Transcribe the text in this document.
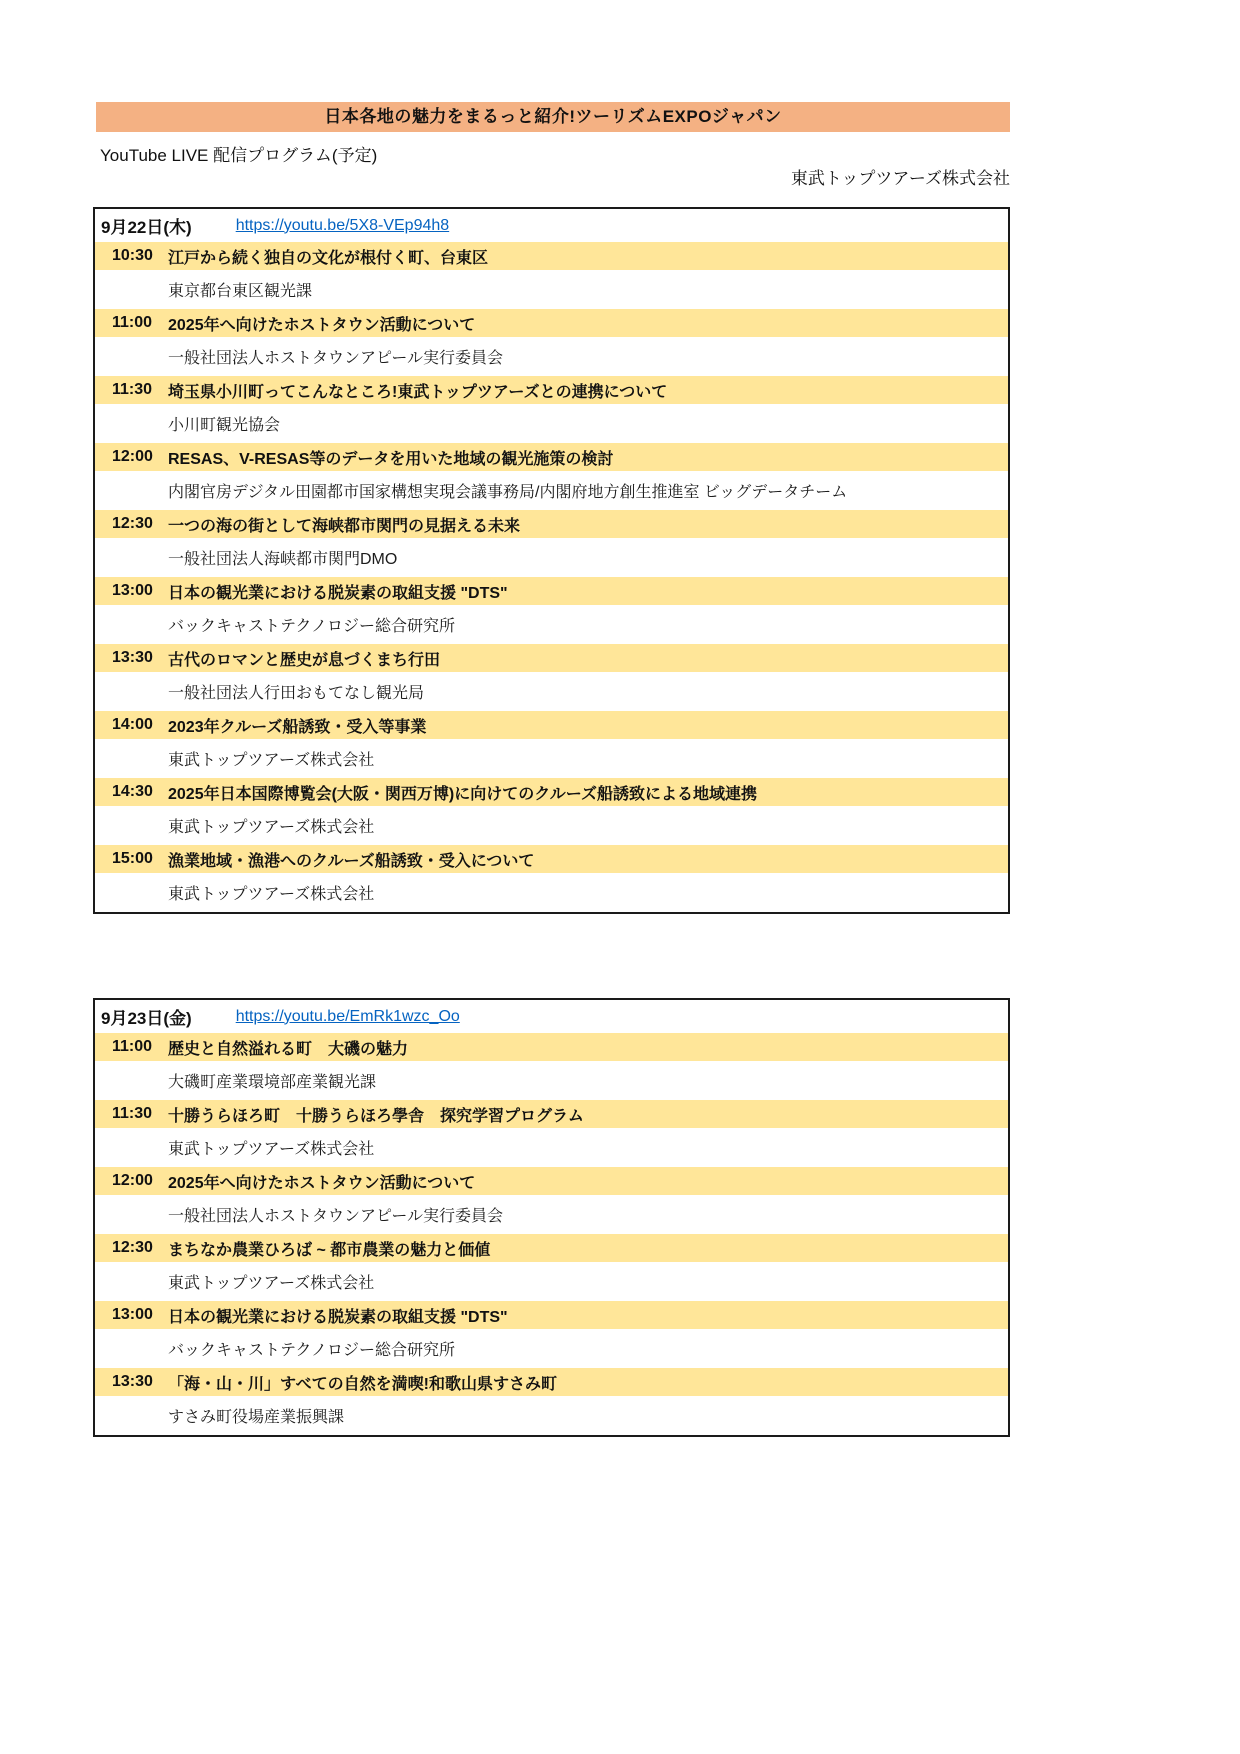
日本各地の魅力をまるっと紹介!ツーリズムEXPOジャパン
YouTube LIVE 配信プログラム(予定)
東武トップツアーズ株式会社
9月22日(木)	https://youtu.be/5X8-VEp94h8
10:30 江戸から続く独自の文化が根付く町、台東区
東京都台東区観光課
11:00 2025年へ向けたホストタウン活動について
一般社団法人ホストタウンアピール実行委員会
11:30 埼玉県小川町ってこんなところ!東武トップツアーズとの連携について
小川町観光協会
12:00 RESAS、V-RESAS等のデータを用いた地域の観光施策の検討
内閣官房デジタル田園都市国家構想実現会議事務局/内閣府地方創生推進室 ビッグデータチーム
12:30 一つの海の街として海峡都市関門の見据える未来
一般社団法人海峡都市関門DMO
13:00 日本の観光業における脱炭素の取組支援 "DTS"
バックキャストテクノロジー総合研究所
13:30 古代のロマンと歴史が息づくまち行田
一般社団法人行田おもてなし観光局
14:00 2023年クルーズ船誘致・受入等事業
東武トップツアーズ株式会社
14:30 2025年日本国際博覧会(大阪・関西万博)に向けてのクルーズ船誘致による地域連携
東武トップツアーズ株式会社
15:00 漁業地域・漁港へのクルーズ船誘致・受入について
東武トップツアーズ株式会社
9月23日(金)	https://youtu.be/EmRk1wzc_Oo
11:00 歴史と自然溢れる町　大磯の魅力
大磯町産業環境部産業観光課
11:30 十勝うらほろ町　十勝うらほろ學舎　探究学習プログラム
東武トップツアーズ株式会社
12:00 2025年へ向けたホストタウン活動について
一般社団法人ホストタウンアピール実行委員会
12:30 まちなか農業ひろば ~ 都市農業の魅力と価値
東武トップツアーズ株式会社
13:00 日本の観光業における脱炭素の取組支援 "DTS"
バックキャストテクノロジー総合研究所
13:30 「海・山・川」すべての自然を満喫!和歌山県すさみ町
すさみ町役場産業振興課
